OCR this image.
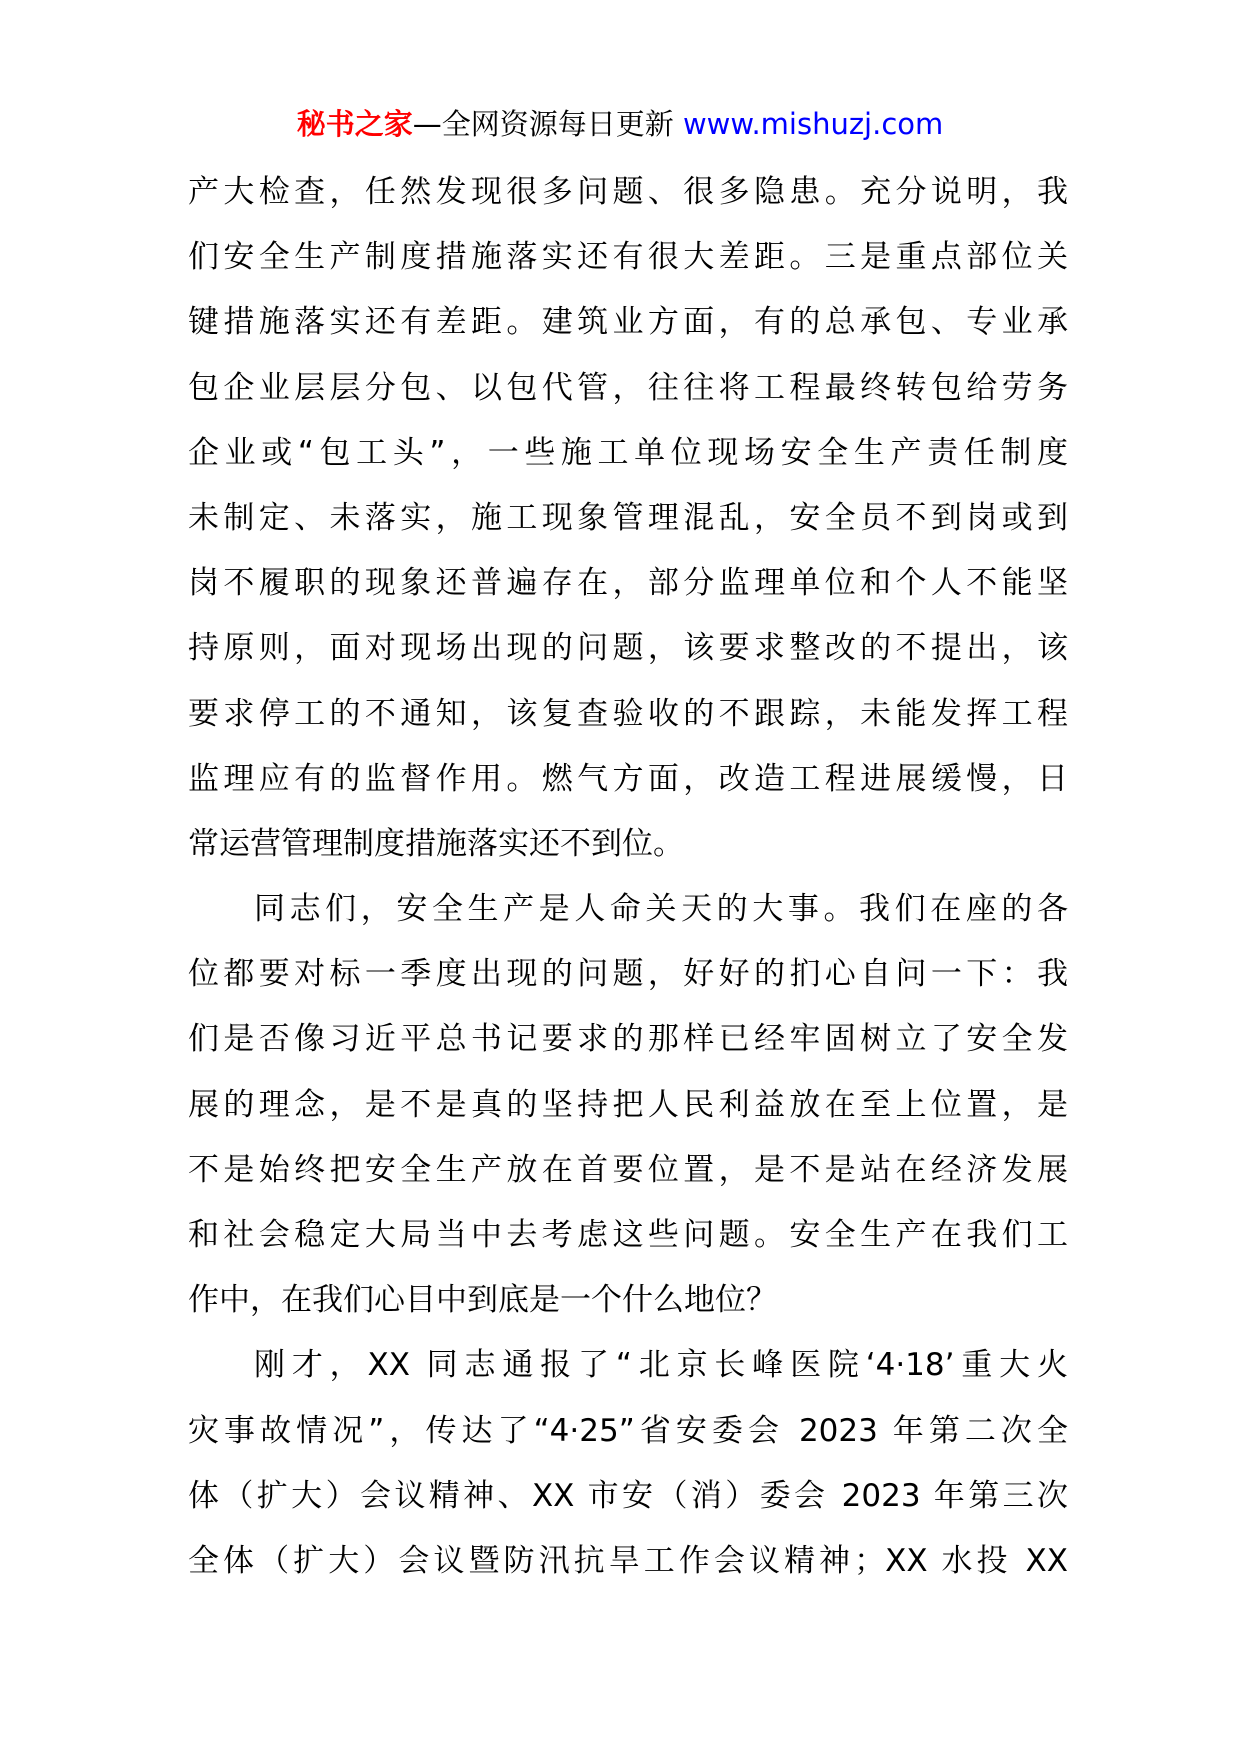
秘书之家—全网资源每日更新 www.mishuzj.com
产大检查，任然发现很多问题、很多隐患。充分说明，我
们安全生产制度措施落实还有很大差距。三是重点部位关
键措施落实还有差距。建筑业方面，有的总承包、专业承
包企业层层分包、以包代管，往往将工程最终转包给劳务
企业或“包工头”，一些施工单位现场安全生产责任制度
未制定、未落实，施工现象管理混乱，安全员不到岗或到
岗不履职的现象还普遍存在，部分监理单位和个人不能坚
持原则，面对现场出现的问题，该要求整改的不提出，该
要求停工的不通知，该复查验收的不跟踪，未能发挥工程
监理应有的监督作用。燃气方面，改造工程进展缓慢，日
常运营管理制度措施落实还不到位。
同志们，安全生产是人命关天的大事。我们在座的各
位都要对标一季度出现的问题，好好的扪心自问一下：我
们是否像习近平总书记要求的那样已经牢固树立了安全发
展的理念，是不是真的坚持把人民利益放在至上位置，是
不是始终把安全生产放在首要位置，是不是站在经济发展
和社会稳定大局当中去考虑这些问题。安全生产在我们工
作中，在我们心目中到底是一个什么地位？
刚才，XX 同志通报了“北京长峰医院‘4·18’重大火
灾事故情况”，传达了“4·25”省安委会 2023 年第二次全
体（扩大）会议精神、XX 市安（消）委会 2023 年第三次
全体（扩大）会议暨防汛抗旱工作会议精神；XX 水投 XX
